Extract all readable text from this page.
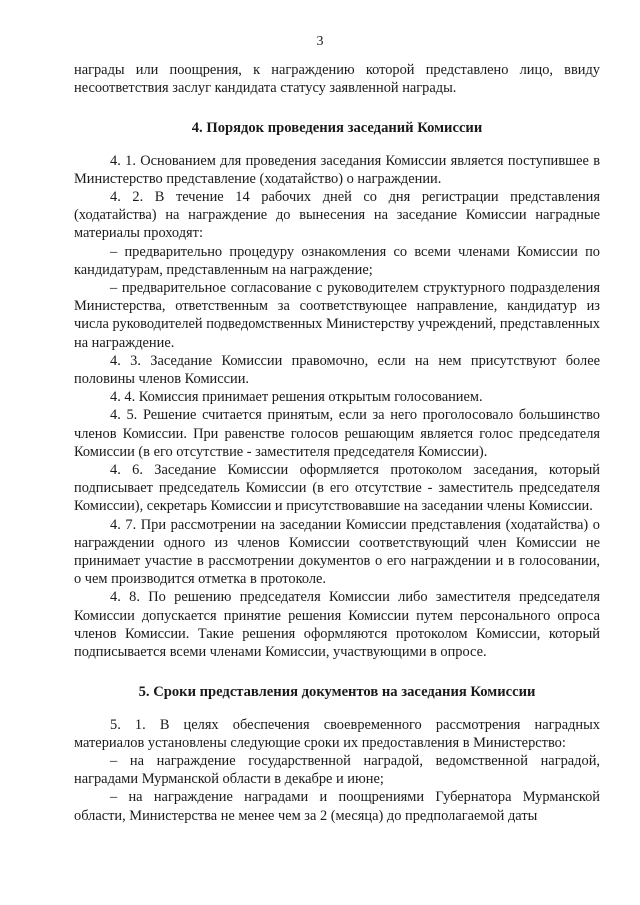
3

награды или поощрения, к награждению которой представлено лицо, ввиду несоответствия заслуг кандидата статусу заявленной награды.

4. Порядок проведения заседаний Комиссии

4. 1. Основанием для проведения заседания Комиссии является поступившее в Министерство представление (ходатайство) о награждении.

4. 2. В течение 14 рабочих дней со дня регистрации представления (ходатайства) на награждение до вынесения на заседание Комиссии наградные материалы проходят:

– предварительно процедуру ознакомления со всеми членами Комиссии по кандидатурам, представленным на награждение;

– предварительное согласование с руководителем структурного подразделения Министерства, ответственным за соответствующее направление, кандидатур из числа руководителей подведомственных Министерству учреждений, представленных на награждение.

4. 3. Заседание Комиссии правомочно, если на нем присутствуют более половины членов Комиссии.

4. 4. Комиссия принимает решения открытым голосованием.

4. 5. Решение считается принятым, если за него проголосовало большинство членов Комиссии. При равенстве голосов решающим является голос председателя Комиссии (в его отсутствие - заместителя председателя Комиссии).

4. 6. Заседание Комиссии оформляется протоколом заседания, который подписывает председатель Комиссии (в его отсутствие - заместитель председателя Комиссии), секретарь Комиссии и присутствовавшие на заседании члены Комиссии.

4. 7. При рассмотрении на заседании Комиссии представления (ходатайства) о награждении одного из членов Комиссии соответствующий член Комиссии не принимает участие в рассмотрении документов о его награждении и в голосовании, о чем производится отметка в протоколе.

4. 8. По решению председателя Комиссии либо заместителя председателя Комиссии допускается принятие решения Комиссии путем персонального опроса членов Комиссии. Такие решения оформляются протоколом Комиссии, который подписывается всеми членами Комиссии, участвующими в опросе.

5. Сроки представления документов на заседания Комиссии

5. 1. В целях обеспечения своевременного рассмотрения наградных материалов установлены следующие сроки их предоставления в Министерство:

– на награждение государственной наградой, ведомственной наградой, наградами Мурманской области в декабре и июне;

– на награждение наградами и поощрениями Губернатора Мурманской области, Министерства не менее чем за 2 (месяца) до предполагаемой даты
